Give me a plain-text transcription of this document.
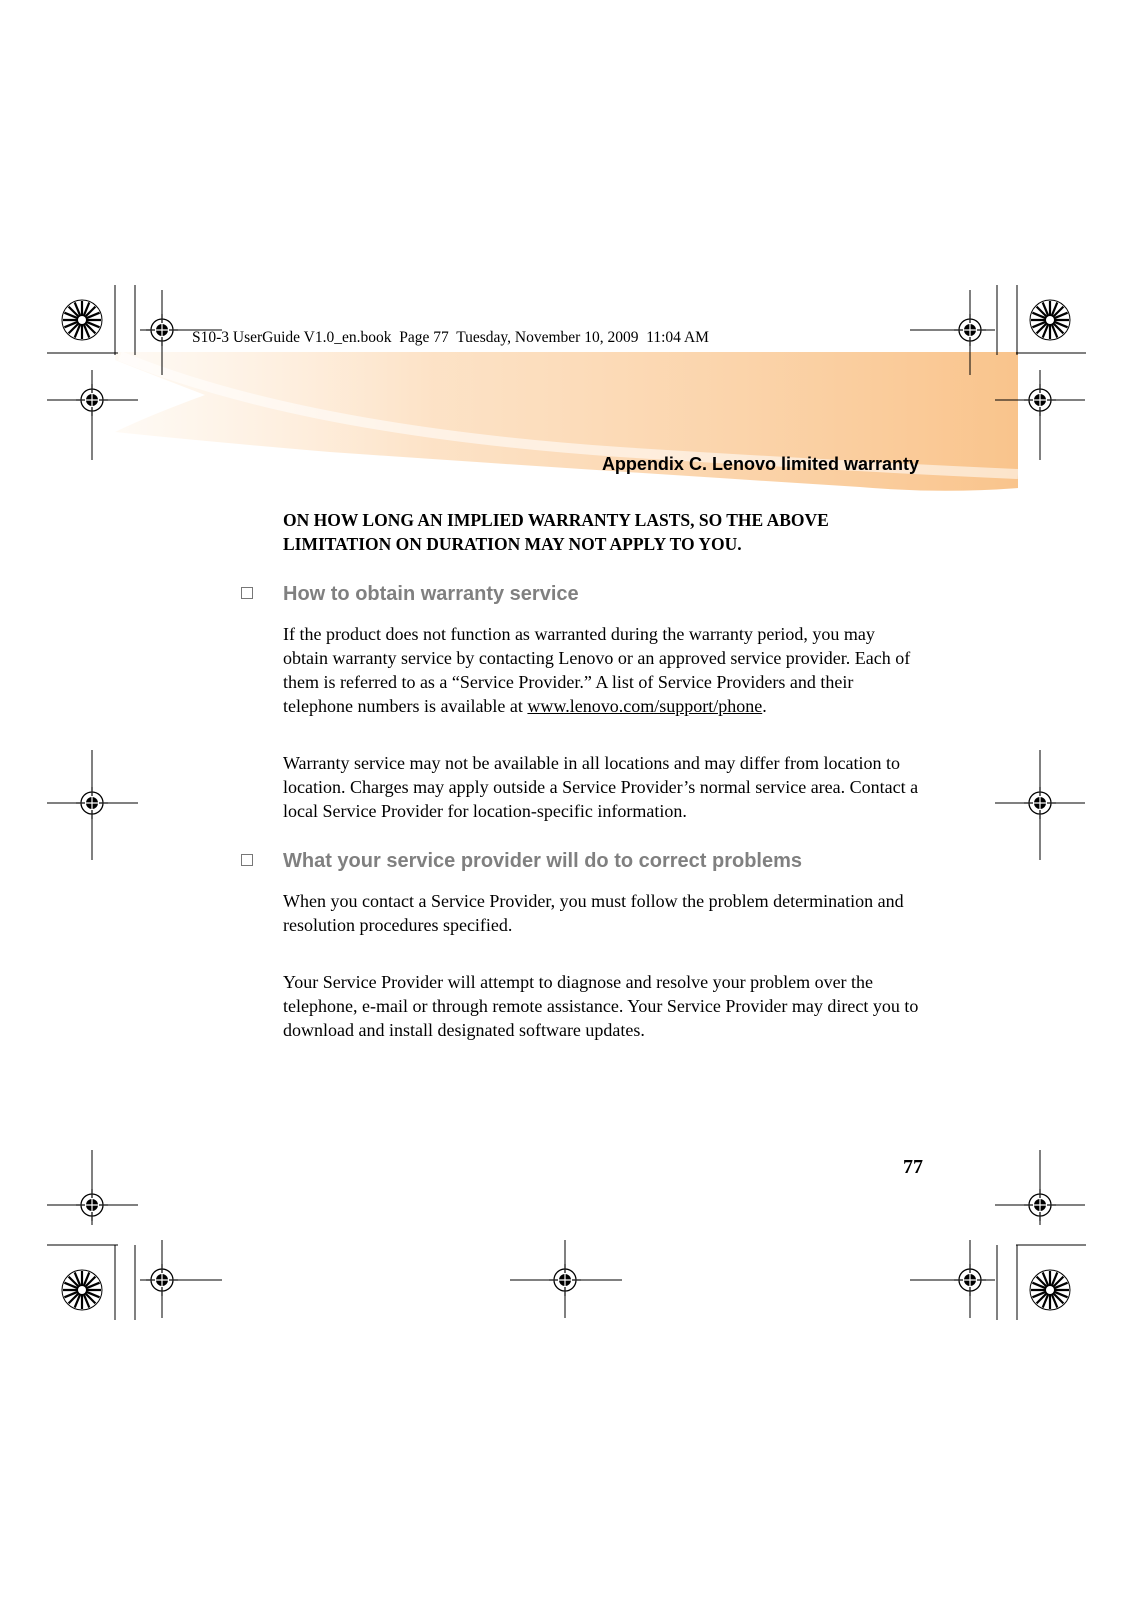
S10-3 UserGuide V1.0_en.book  Page 77  Tuesday, November 10, 2009  11:04 AM
Appendix C. Lenovo limited warranty

ON HOW LONG AN IMPLIED WARRANTY LASTS, SO THE ABOVE
LIMITATION ON DURATION MAY NOT APPLY TO YOU.

How to obtain warranty service

If the product does not function as warranted during the warranty period, you may obtain warranty service by contacting Lenovo or an approved service provider. Each of them is referred to as a “Service Provider.” A list of Service Providers and their telephone numbers is available at www.lenovo.com/support/phone.

Warranty service may not be available in all locations and may differ from location to location. Charges may apply outside a Service Provider’s normal service area. Contact a local Service Provider for location-specific information.

What your service provider will do to correct problems

When you contact a Service Provider, you must follow the problem determination and resolution procedures specified.

Your Service Provider will attempt to diagnose and resolve your problem over the telephone, e-mail or through remote assistance. Your Service Provider may direct you to download and install designated software updates.

77
